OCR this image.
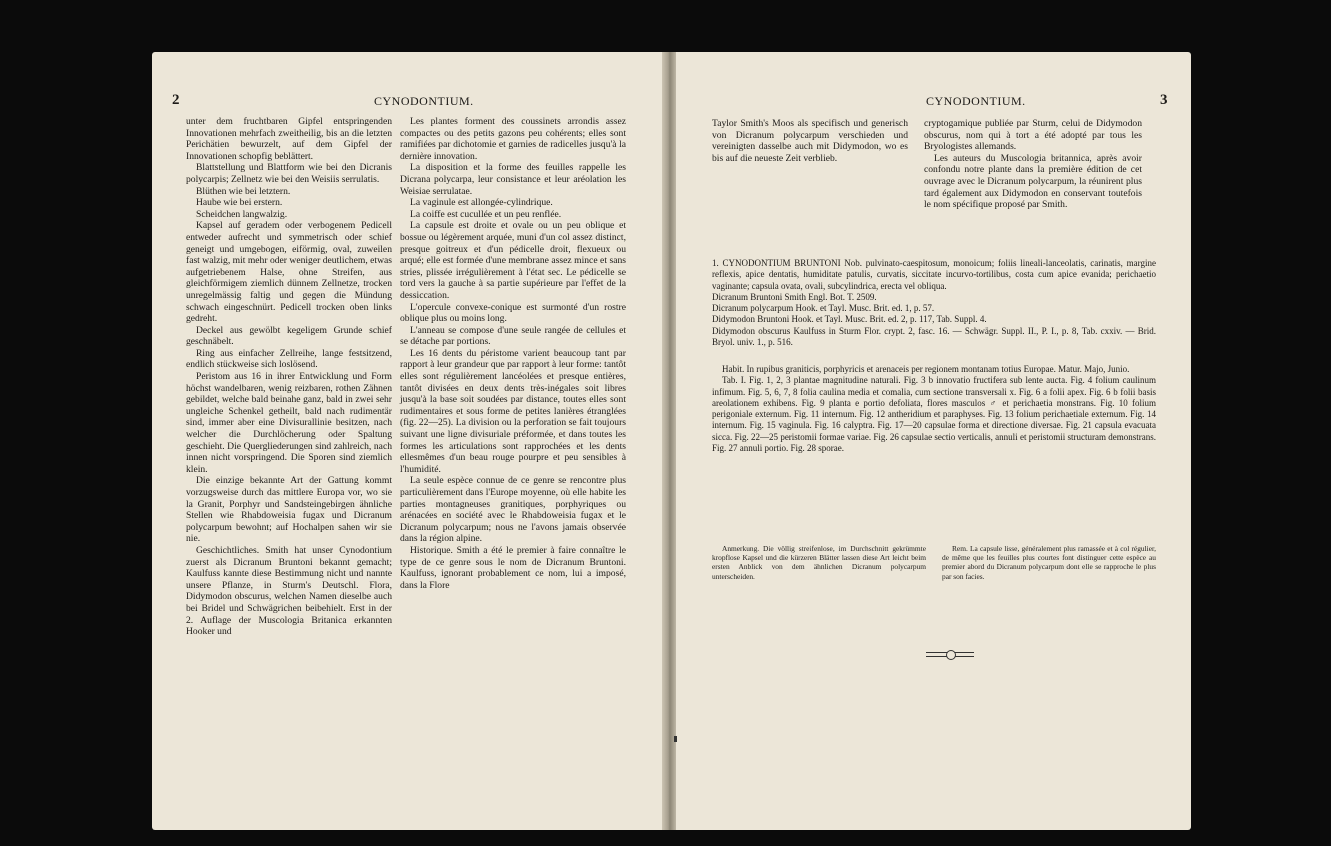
2	CYNODONTIUM.

unter dem fruchtbaren Gipfel entspringenden Innovationen mehrfach zweitheilig, bis an die letzten Perichätien bewurzelt, auf dem Gipfel der Innovationen schopfig beblättert.

Blattstellung und Blattform wie bei den Dicranis polycarpis; Zellnetz wie bei den Weisiis serrulatis.

Blüthen wie bei letztern.

Haube wie bei erstern.

Scheidchen langwalzig.

Kapsel auf geradem oder verbogenem Pedicell entweder aufrecht und symmetrisch oder schief geneigt und umgebogen, eiförmig, oval, zuweilen fast walzig, mit mehr oder weniger deutlichem, etwas aufgetriebenem Halse, ohne Streifen, aus gleichförmigem ziemlich dünnem Zellnetze, trocken unregelmässig faltig und gegen die Mündung schwach eingeschnürt. Pedicell trocken oben links gedreht.

Deckel aus gewölbt kegeligem Grunde schief geschnäbelt.

Ring aus einfacher Zellreihe, lange festsitzend, endlich stückweise sich loslösend.

Peristom aus 16 in ihrer Entwicklung und Form höchst wandelbaren, wenig reizbaren, rothen Zähnen gebildet, welche bald beinahe ganz, bald in zwei sehr ungleiche Schenkel getheilt, bald nach rudimentär sind, immer aber eine Divisurallinie besitzen, nach welcher die Durchlöcherung oder Spaltung geschieht. Die Quergliederungen sind zahlreich, nach innen nicht vorspringend. Die Sporen sind ziemlich klein.

Die einzige bekannte Art der Gattung kommt vorzugsweise durch das mittlere Europa vor, wo sie la Granit, Porphyr und Sandsteingebirgen ähnliche Stellen wie Rhabdoweisia fugax und Dicranum polycarpum bewohnt; auf Hochalpen sahen wir sie nie.

Geschichtliches. Smith hat unser Cynodontium zuerst als Dicranum Bruntoni bekannt gemacht; Kaulfuss kannte diese Bestimmung nicht und nannte unsere Pflanze, in Sturm's Deutschl. Flora, Didymodon obscurus, welchen Namen dieselbe auch bei Bridel und Schwägrichen beibehielt. Erst in der 2. Auflage der Muscologia Britanica erkannten Hooker und

Les plantes forment des coussinets arrondis assez compactes ou des petits gazons peu cohérents; elles sont ramifiées par dichotomie et garnies de radicelles jusqu'à la dernière innovation.

La disposition et la forme des feuilles rappelle les Dicrana polycarpa, leur consistance et leur aréolation les Weisiae serrulatae.

La vaginule est allongée-cylindrique.

La coiffe est cucullée et un peu renflée.

La capsule est droite et ovale ou un peu oblique et bossue ou légèrement arquée, muni d'un col assez distinct, presque goitreux et d'un pédicelle droit, flexueux ou arqué; elle est formée d'une membrane assez mince et sans stries, plissée irrégulièrement à l'état sec. Le pédicelle se tord vers la gauche à sa partie supérieure par l'effet de la dessiccation.

L'opercule convexe-conique est surmonté d'un rostre oblique plus ou moins long.

L'anneau se compose d'une seule rangée de cellules et se détache par portions.

Les 16 dents du péristome varient beaucoup tant par rapport à leur grandeur que par rapport à leur forme: tantôt elles sont régulièrement lancéolées et presque entières, tantôt divisées en deux dents très-inégales soit libres jusqu'à la base soit soudées par distance, toutes elles sont rudimentaires et sous forme de petites lanières étranglées (fig. 22—25). La division ou la perforation se fait toujours suivant une ligne divisuriale préformée, et dans toutes les formes les articulations sont rapprochées et les dents ellesmêmes d'un beau rouge pourpre et peu sensibles à l'humidité.

La seule espèce connue de ce genre se rencontre plus particulièrement dans l'Europe moyenne, où elle habite les parties montagneuses granitiques, porphyriques ou arénacées en société avec le Rhabdoweisia fugax et le Dicranum polycarpum; nous ne l'avons jamais observée dans la région alpine.

Historique. Smith a été le premier à faire connaître le type de ce genre sous le nom de Dicranum Bruntoni. Kaulfuss, ignorant probablement ce nom, lui a imposé, dans la Flore

CYNODONTIUM.	3

Taylor Smith's Moos als specifisch und generisch von Dicranum polycarpum verschieden und vereinigten dasselbe auch mit Didymodon, wo es bis auf die neueste Zeit verblieb.

cryptogamique publiée par Sturm, celui de Didymodon obscurus, nom qui à tort a été adopté par tous les Bryologistes allemands.

Les auteurs du Muscologia britannica, après avoir confondu notre plante dans la première édition de cet ouvrage avec le Dicranum polycarpum, la réunirent plus tard également aux Didymodon en conservant toutefois le nom spécifique proposé par Smith.

1. CYNODONTIUM BRUNTONI Nob. pulvinato-caespitosum, monoicum; foliis lineali-lanceolatis, carinatis, margine reflexis, apice dentatis, humiditate patulis, curvatis, siccitate incurvo-tortilibus, costa cum apice evanida; perichaetio vaginante; capsula ovata, ovali, subcylindrica, erecta vel obliqua.

Dicranum Bruntoni Smith Engl. Bot. T. 2509.

Dicranum polycarpum Hook. et Tayl. Musc. Brit. ed. 1, p. 57.

Didymodon Bruntoni Hook. et Tayl. Musc. Brit. ed. 2, p. 117, Tab. Suppl. 4.

Didymodon obscurus Kaulfuss in Sturm Flor. crypt. 2, fasc. 16. — Schwägr. Suppl. II., P. I., p. 8, Tab. cxxiv. — Brid. Bryol. univ. 1., p. 516.

Habit. In rupibus graniticis, porphyricis et arenaceis per regionem montanam totius Europae. Matur. Majo, Junio.

Tab. I. Fig. 1, 2, 3 plantae magnitudine naturali. Fig. 3 b innovatio fructifera sub lente aucta. Fig. 4 folium caulinum infimum. Fig. 5, 6, 7, 8 folia caulina media et comalia, cum sectione transversali x. Fig. 6 a folii apex. Fig. 6 b folii basis areolationem exhibens. Fig. 9 planta e portio defoliata, flores masculos ♂ et perichaetia monstrans. Fig. 10 folium perigoniale externum. Fig. 11 internum. Fig. 12 antheridium et paraphyses. Fig. 13 folium perichaetiale externum. Fig. 14 internum. Fig. 15 vaginula. Fig. 16 calyptra. Fig. 17—20 capsulae forma et directione diversae. Fig. 21 capsula evacuata sicca. Fig. 22—25 peristomii formae variae. Fig. 26 capsulae sectio verticalis, annuli et peristomii structuram demonstrans. Fig. 27 annuli portio. Fig. 28 sporae.

Anmerkung. Die völlig streifenlose, im Durchschnitt gekrümmte kropflose Kapsel und die kürzeren Blätter lassen diese Art leicht beim ersten Anblick von dem ähnlichen Dicranum polycarpum unterscheiden.

Rem. La capsule lisse, généralement plus ramassée et à col régulier, de même que les feuilles plus courtes font distinguer cette espèce au premier abord du Dicranum polycarpum dont elle se rapproche le plus par son facies.
